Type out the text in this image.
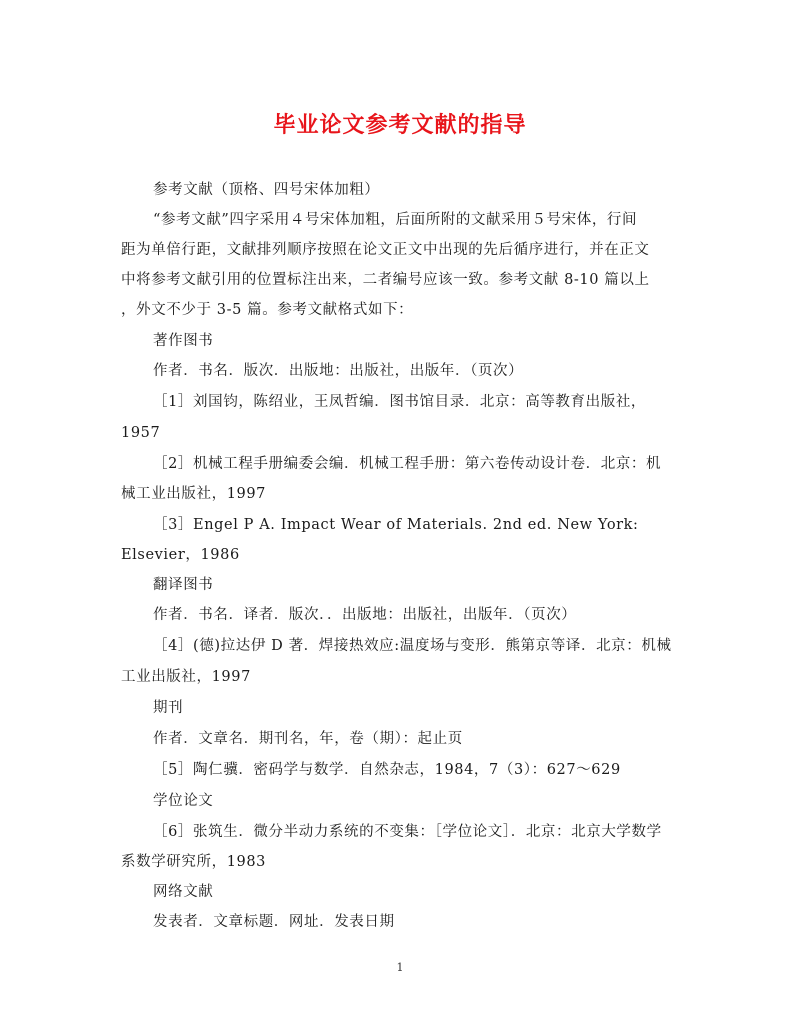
毕业论文参考文献的指导
参考文献（顶格、四号宋体加粗）
“参考文献”四字采用４号宋体加粗，后面所附的文献采用５号宋体，行间
距为单倍行距，文献排列顺序按照在论文正文中出现的先后循序进行，并在正文
中将参考文献引用的位置标注出来，二者编号应该一致。参考文献 8-10 篇以上
，外文不少于 3-5 篇。参考文献格式如下：
著作图书
作者．书名．版次．出版地：出版社，出版年．（页次）
［1］刘国钧，陈绍业，王凤哲编．图书馆目录．北京：高等教育出版社，
1957
［2］机械工程手册编委会编．机械工程手册：第六卷传动设计卷．北京：机
械工业出版社，1997
［3］Engel P A. Impact Wear of Materials. 2nd ed. New York:
Elsevier，1986
翻译图书
作者．书名．译者．版次．．出版地：出版社，出版年．（页次）
［4］(德)拉达伊 D 著．焊接热效应:温度场与变形．熊第京等译．北京：机械
工业出版社，1997
期刊
作者．文章名．期刊名，年，卷（期）：起止页
［5］陶仁骥．密码学与数学．自然杂志，1984，7（3）：627～629
学位论文
［6］张筑生．微分半动力系统的不变集：［学位论文］．北京：北京大学数学
系数学研究所，1983
网络文献
发表者．文章标题．网址．发表日期
1
